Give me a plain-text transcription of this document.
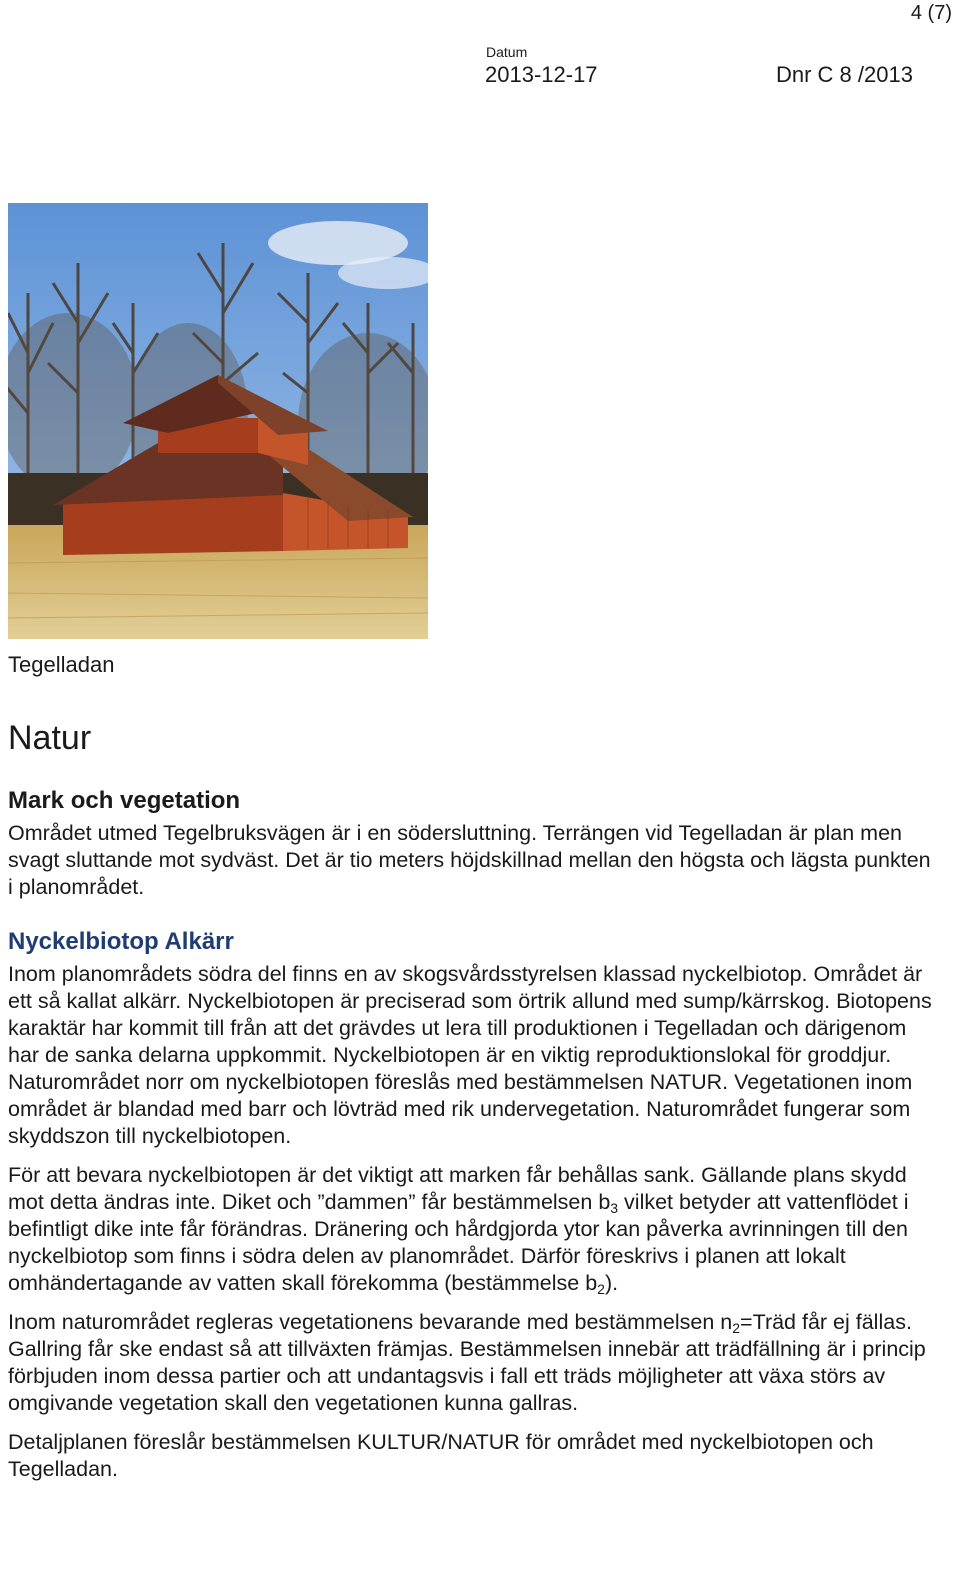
4 (7)
Datum
2013-12-17	Dnr C 8 /2013
Tegelladan
Natur
Mark och vegetation

Området utmed Tegelbruksvägen är i en södersluttning. Terrängen vid Tegelladan är plan men svagt sluttande mot sydväst. Det är tio meters höjdskillnad mellan den högsta och lägsta punkten i planområdet.

Nyckelbiotop Alkärr

Inom planområdets södra del finns en av skogsvårdsstyrelsen klassad nyckelbiotop. Området är ett så kallat alkärr. Nyckelbiotopen är preciserad som örtrik allund med sump/kärrskog. Biotopens karaktär har kommit till från att det grävdes ut lera till produktionen i Tegelladan och därigenom har de sanka delarna uppkommit. Nyckelbiotopen är en viktig reproduktionslokal för groddjur. Naturområdet norr om nyckelbiotopen föreslås med bestämmelsen NATUR. Vegetationen inom området är blandad med barr och lövträd med rik undervegetation. Naturområdet fungerar som skyddszon till nyckelbiotopen.

För att bevara nyckelbiotopen är det viktigt att marken får behållas sank. Gällande plans skydd mot detta ändras inte. Diket och ”dammen” får bestämmelsen $b_3$ vilket betyder att vattenflödet i befintligt dike inte får förändras. Dränering och hårdgjorda ytor kan påverka avrinningen till den nyckelbiotop som finns i södra delen av planområdet. Därför föreskrivs i planen att lokalt omhändertagande av vatten skall förekomma (bestämmelse $b_2$).

Inom naturområdet regleras vegetationens bevarande med bestämmelsen $n_2=Träd$ får ej fällas. Gallring får ske endast så att tillväxten främjas. Bestämmelsen innebär att trädfällning är i princip förbjuden inom dessa partier och att undantagsvis i fall ett träds möjligheter att växa störs av omgivande vegetation skall den vegetationen kunna gallras.

Detaljplanen föreslår bestämmelsen KULTUR/NATUR för området med nyckelbiotopen och Tegelladan.
